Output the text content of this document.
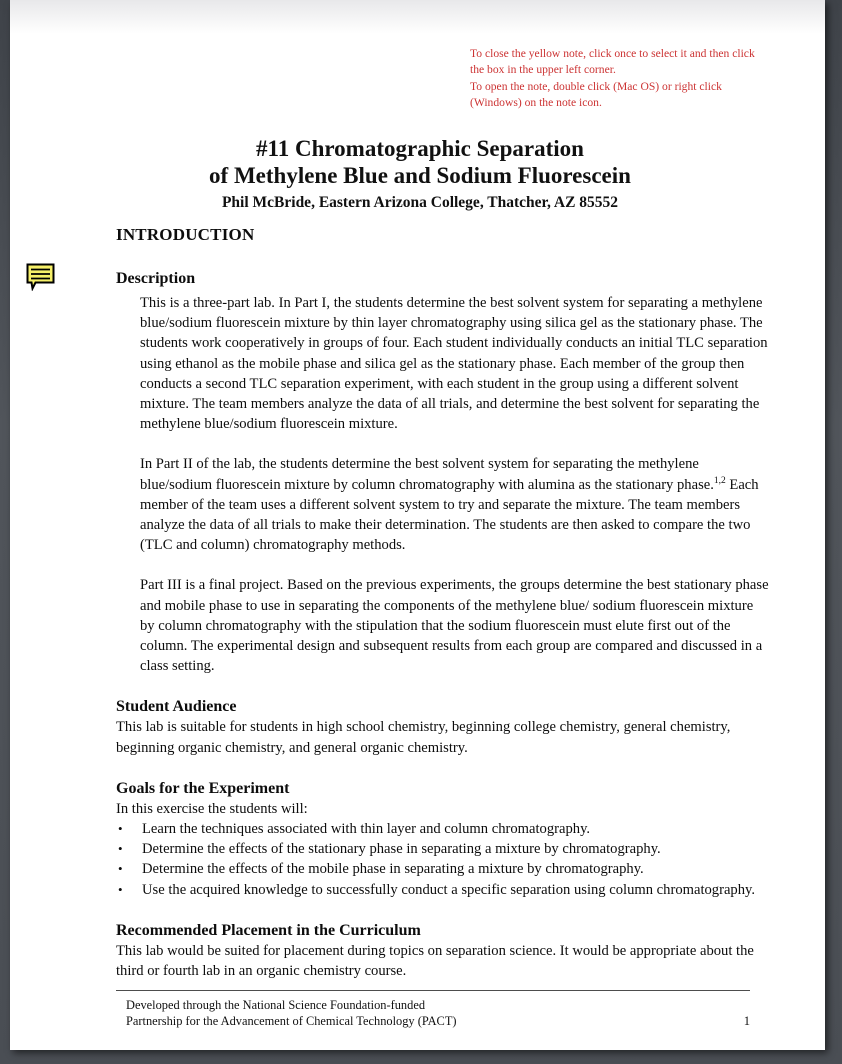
To close the yellow note, click once to select it and then click the box in the upper left corner.

To open the note, double click (Mac OS) or right click (Windows) on the note icon.

#11 Chromatographic Separation
of Methylene Blue and Sodium Fluorescein
Phil McBride, Eastern Arizona College, Thatcher, AZ 85552
INTRODUCTION
Description

This is a three-part lab. In Part I, the students determine the best solvent system for separating a methylene blue/sodium fluorescein mixture by thin layer chromatography using silica gel as the stationary phase. The students work cooperatively in groups of four. Each student individually conducts an initial TLC separation using ethanol as the mobile phase and silica gel as the stationary phase. Each member of the group then conducts a second TLC separation experiment, with each student in the group using a different solvent mixture. The team members analyze the data of all trials, and determine the best solvent for separating the methylene blue/sodium fluorescein mixture.

In Part II of the lab, the students determine the best solvent system for separating the methylene blue/sodium fluorescein mixture by column chromatography with alumina as the stationary phase.$^{1,2}$ Each member of the team uses a different solvent system to try and separate the mixture. The team members analyze the data of all trials to make their determination. The students are then asked to compare the two (TLC and column) chromatography methods.

Part III is a final project. Based on the previous experiments, the groups determine the best stationary phase and mobile phase to use in separating the components of the methylene blue/ sodium fluorescein mixture by column chromatography with the stipulation that the sodium fluorescein must elute first out of the column. The experimental design and subsequent results from each group are compared and discussed in a class setting.

Student Audience

This lab is suitable for students in high school chemistry, beginning college chemistry, general chemistry, beginning organic chemistry, and general organic chemistry.

Goals for the Experiment

In this exercise the students will:

• Learn the techniques associated with thin layer and column chromatography.
• Determine the effects of the stationary phase in separating a mixture by chromatography.
• Determine the effects of the mobile phase in separating a mixture by chromatography.
• Use the acquired knowledge to successfully conduct a specific separation using column chromatography.
Recommended Placement in the Curriculum

This lab would be suited for placement during topics on separation science. It would be appropriate about the third or fourth lab in an organic chemistry course.

Developed through the National Science Foundation-funded

Partnership for the Advancement of Chemical Technology (PACT)	1
